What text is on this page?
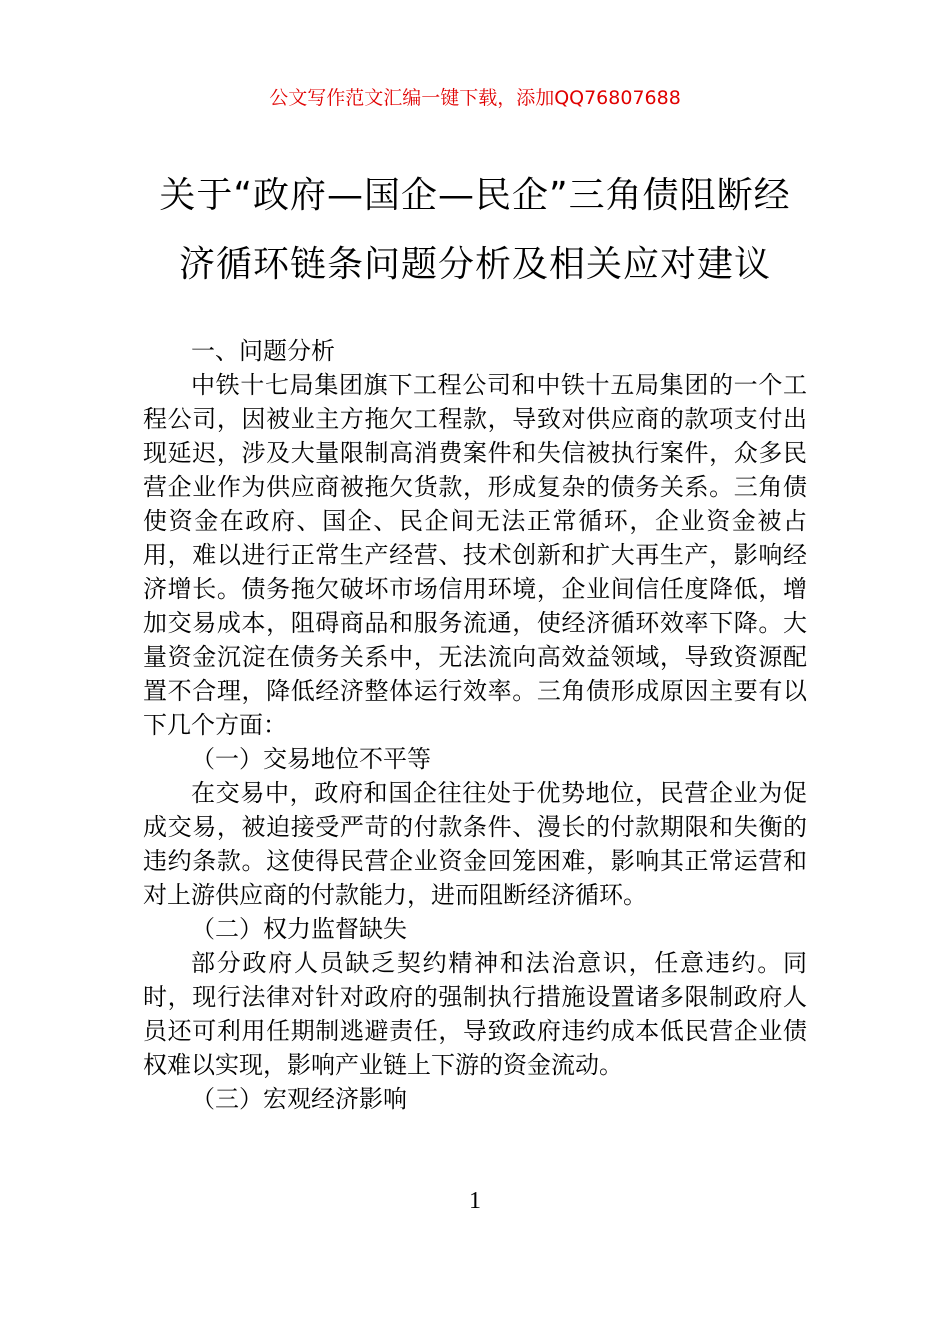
公文写作范文汇编一键下载，添加QQ76807688
关于“政府—国企—民企”三角债阻断经
济循环链条问题分析及相关应对建议

一、问题分析

中铁十七局集团旗下工程公司和中铁十五局集团的一个工程公司，因被业主方拖欠工程款，导致对供应商的款项支付出现延迟，涉及大量限制高消费案件和失信被执行案件，众多民营企业作为供应商被拖欠货款，形成复杂的债务关系。三角债使资金在政府、国企、民企间无法正常循环，企业资金被占用，难以进行正常生产经营、技术创新和扩大再生产，影响经济增长。债务拖欠破坏市场信用环境，企业间信任度降低，增加交易成本，阻碍商品和服务流通，使经济循环效率下降。大量资金沉淀在债务关系中，无法流向高效益领域，导致资源配置不合理，降低经济整体运行效率。三角债形成原因主要有以下几个方面：

（一）交易地位不平等

在交易中，政府和国企往往处于优势地位，民营企业为促成交易，被迫接受严苛的付款条件、漫长的付款期限和失衡的违约条款。这使得民营企业资金回笼困难，影响其正常运营和对上游供应商的付款能力，进而阻断经济循环。

（二）权力监督缺失

部分政府人员缺乏契约精神和法治意识，任意违约。同时，现行法律对针对政府的强制执行措施设置诸多限制政府人员还可利用任期制逃避责任，导致政府违约成本低民营企业债权难以实现，影响产业链上下游的资金流动。

（三）宏观经济影响

1
